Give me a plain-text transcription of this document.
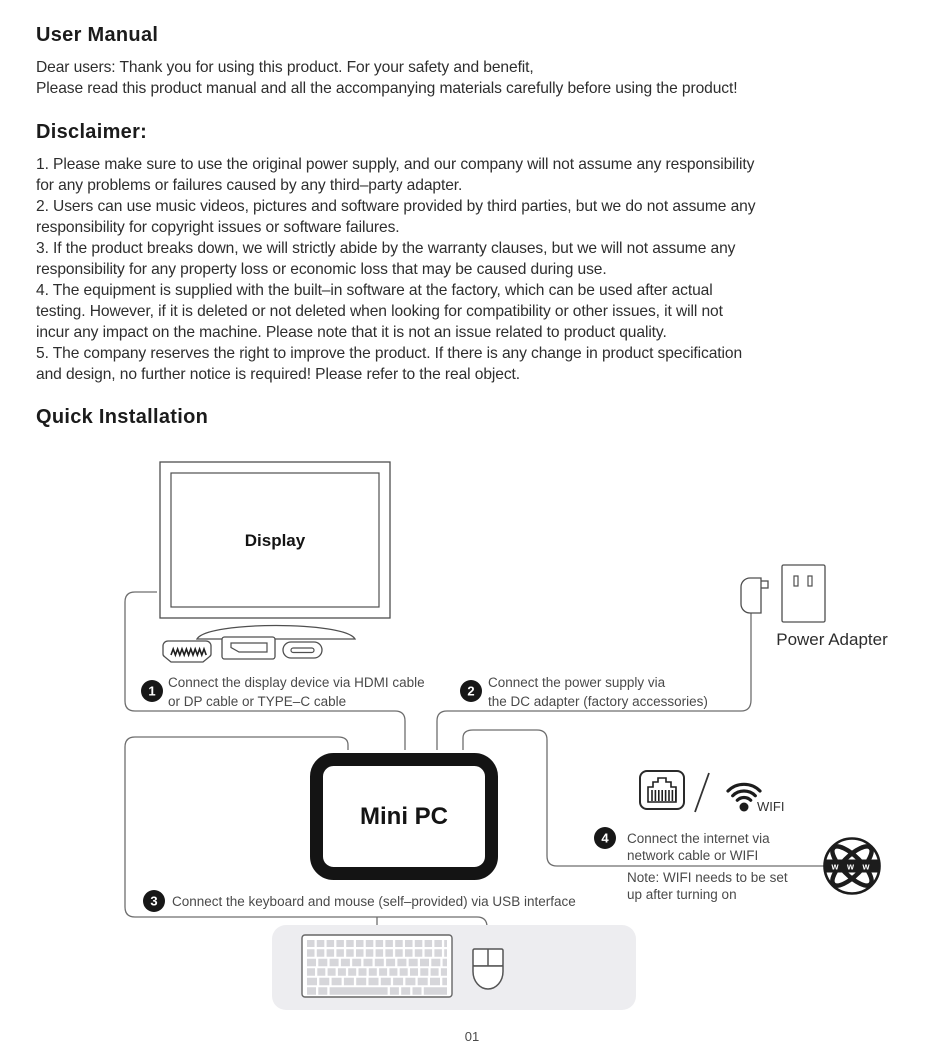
User Manual
Dear users: Thank you for using this product. For your safety and benefit,
Please read this product manual and all the accompanying materials carefully before using the product!
Disclaimer:
1. Please make sure to use the original power supply, and our company will not assume any responsibility
for any problems or failures caused by any third–party adapter.
2. Users can use music videos, pictures and software provided by third parties, but we do not assume any
responsibility for copyright issues or software failures.
3. If the product breaks down, we will strictly abide by the warranty clauses, but we will not assume any
responsibility for any property loss or economic loss that may be caused during use.
4. The equipment is supplied with the built–in software at the factory, which can be used after actual
testing. However, if it is deleted or not deleted when looking for compatibility or other issues, it will not
incur any impact on the machine. Please note that it is not an issue related to product quality.
5. The company reserves the right to improve the product. If there is any change in product specification
and design, no further notice is required! Please refer to the real object.
Quick Installation
Display
Power Adapter
1
Connect the display device via HDMI cable
or DP cable or TYPE–C cable
2
Connect the power supply via
the DC adapter (factory accessories)
Mini PC
3 Connect the keyboard and mouse (self–provided) via USB interface
WIFI
4 Connect the internet via
network cable or WIFI
Note: WIFI needs to be set
up after turning on
w w w
01
